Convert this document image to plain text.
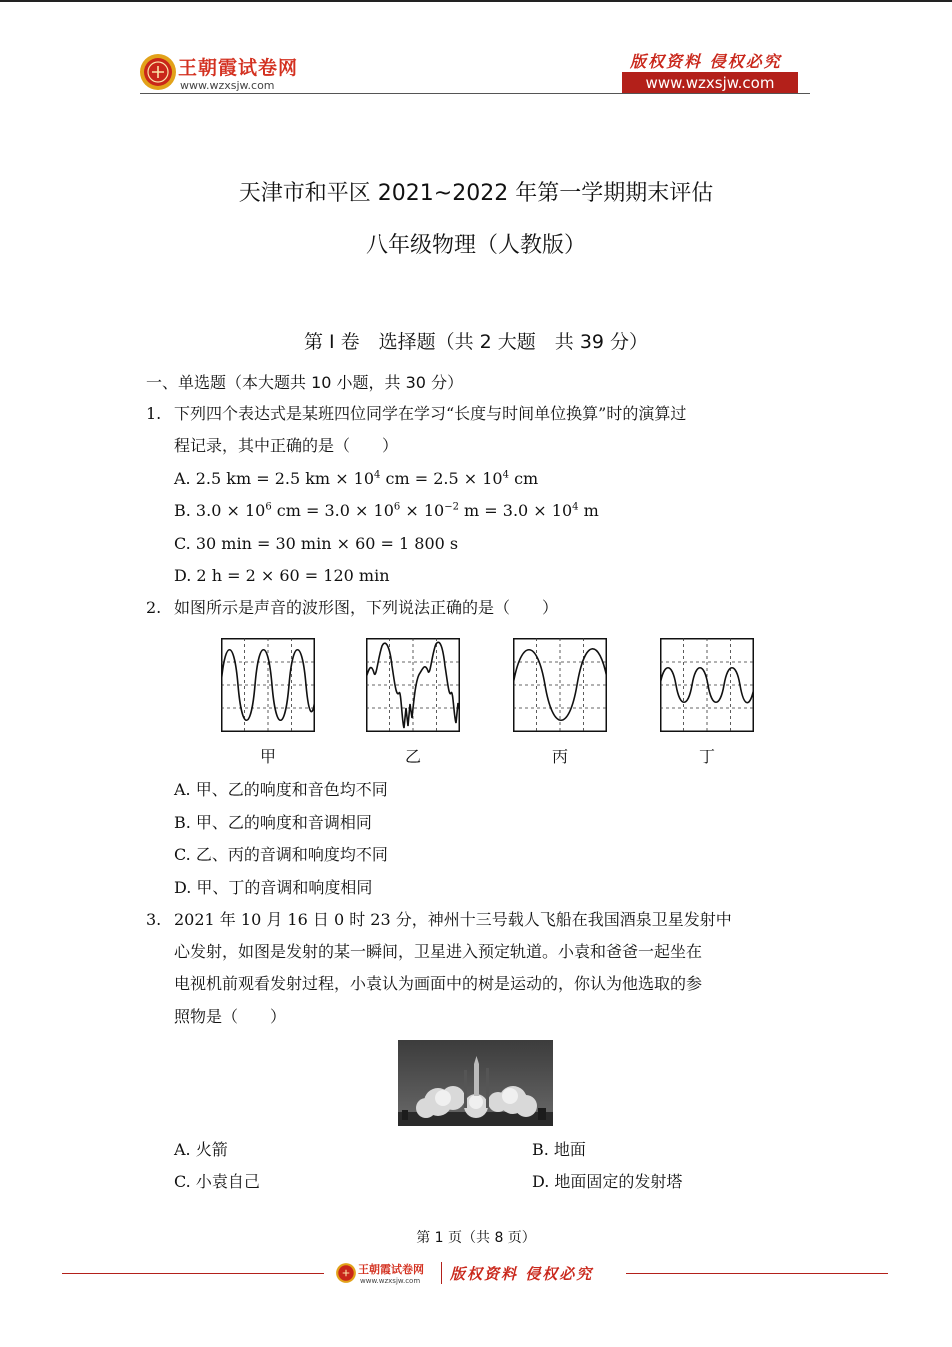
王朝霞试卷网
www.wzxsjw.com
版权资料 侵权必究
www.wzxsjw.com
天津市和平区 2021~2022 年第一学期期末评估
八年级物理（人教版）
第 I 卷　选择题（共 2 大题　共 39 分）
一、单选题（本大题共 10 小题，共 30 分）
1. 下列四个表达式是某班四位同学在学习“长度与时间单位换算”时的演算过
程记录，其中正确的是（　　）
A. 2.5 km = 2.5 km × $10^4$ cm = $2.5 \times 10^4$ cm
B. $3.0 \times 10^6$ cm = $3.0 \times 10^6 \times 10^{-2}$ $m = 3.0 \times 10^4$ m
C. 30 min = 30 min × 60 = 1 800 s
D. 2 h = 2 × 60 = 120 min
2. 如图所示是声音的波形图，下列说法正确的是（　　）
甲	乙	丙	丁
A. 甲、乙的响度和音色均不同
B. 甲、乙的响度和音调相同
C. 乙、丙的音调和响度均不同
D. 甲、丁的音调和响度相同
3. 2021 年 10 月 16 日 0 时 23 分，神州十三号载人飞船在我国酒泉卫星发射中
心发射，如图是发射的某一瞬间，卫星进入预定轨道。小袁和爸爸一起坐在
电视机前观看发射过程，小袁认为画面中的树是运动的，你认为他选取的参
照物是（　　）
A. 火箭	B. 地面
C. 小袁自己	D. 地面固定的发射塔
第 1 页（共 8 页）
王朝霞试卷网
www.wzxsjw.com 版权资料 侵权必究
